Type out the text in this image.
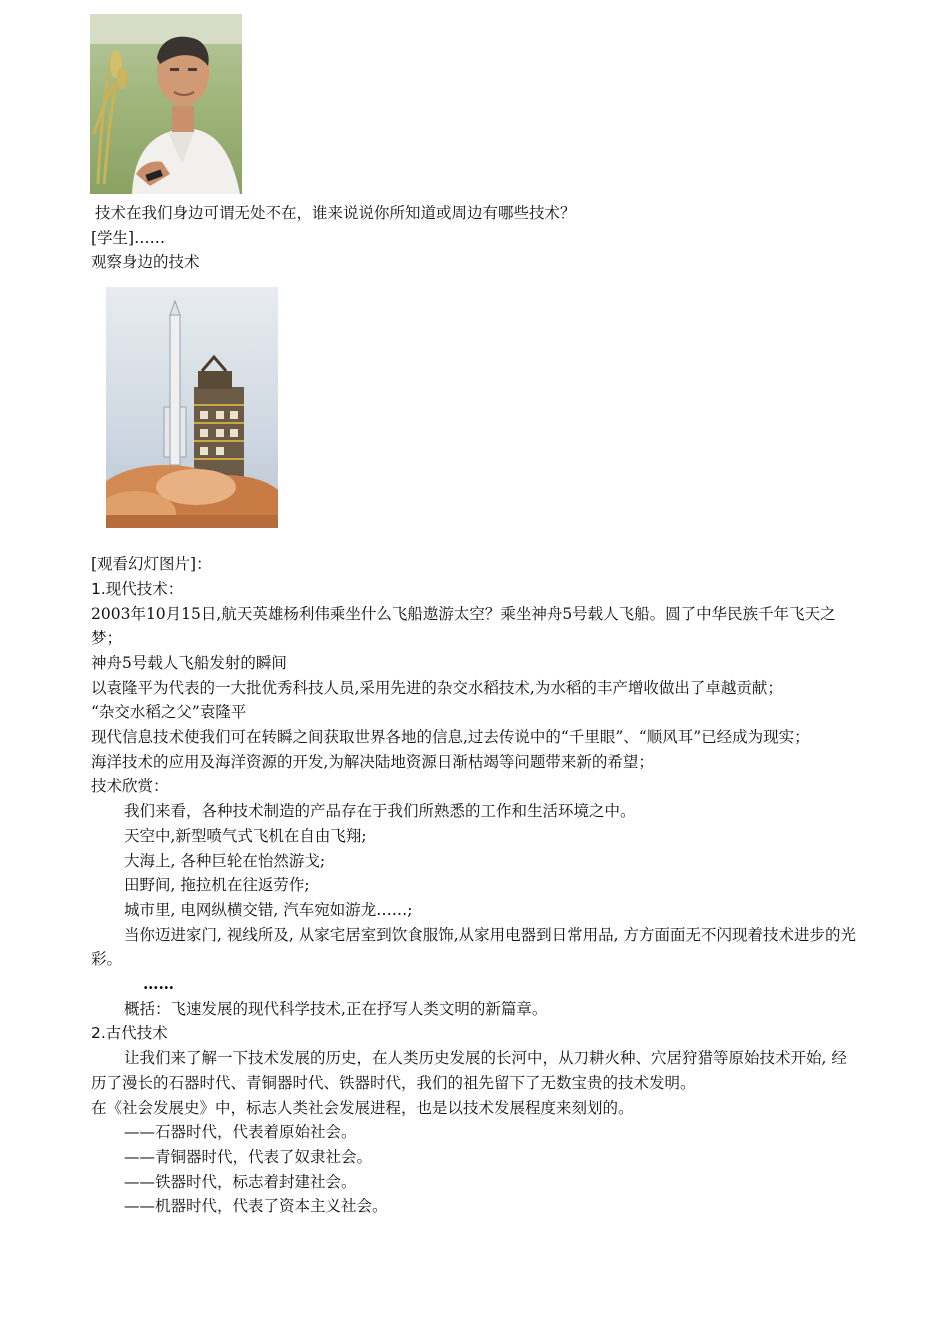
技术在我们身边可谓无处不在，谁来说说你所知道或周边有哪些技术？
[学生]……
观察身边的技术
[观看幻灯图片]：
1.现代技术：
2003年10月15日,航天英雄杨利伟乘坐什么飞船遨游太空？乘坐神舟5号载人飞船。圆了中华民族千年飞天之梦；
神舟5号载人飞船发射的瞬间
以袁隆平为代表的一大批优秀科技人员,采用先进的杂交水稻技术,为水稻的丰产增收做出了卓越贡献；
“杂交水稻之父”袁隆平
现代信息技术使我们可在转瞬之间获取世界各地的信息,过去传说中的“千里眼”、“顺风耳”已经成为现实；
海洋技术的应用及海洋资源的开发,为解决陆地资源日渐枯竭等问题带来新的希望；
技术欣赏：
我们来看，各种技术制造的产品存在于我们所熟悉的工作和生活环境之中。
天空中,新型喷气式飞机在自由飞翔;
大海上, 各种巨轮在怡然游戈;
田野间, 拖拉机在往返劳作;
城市里, 电网纵横交错, 汽车宛如游龙……;
当你迈进家门, 视线所及, 从家宅居室到饮食服饰,从家用电器到日常用品, 方方面面无不闪现着技术进步的光彩。
……
概括：飞速发展的现代科学技术,正在抒写人类文明的新篇章。
2.古代技术
让我们来了解一下技术发展的历史，在人类历史发展的长河中，从刀耕火种、穴居狩猎等原始技术开始, 经历了漫长的石器时代、青铜器时代、铁器时代，我们的祖先留下了无数宝贵的技术发明。
在《社会发展史》中，标志人类社会发展进程，也是以技术发展程度来刻划的。
——石器时代，代表着原始社会。
——青铜器时代，代表了奴隶社会。
——铁器时代，标志着封建社会。
——机器时代，代表了资本主义社会。
